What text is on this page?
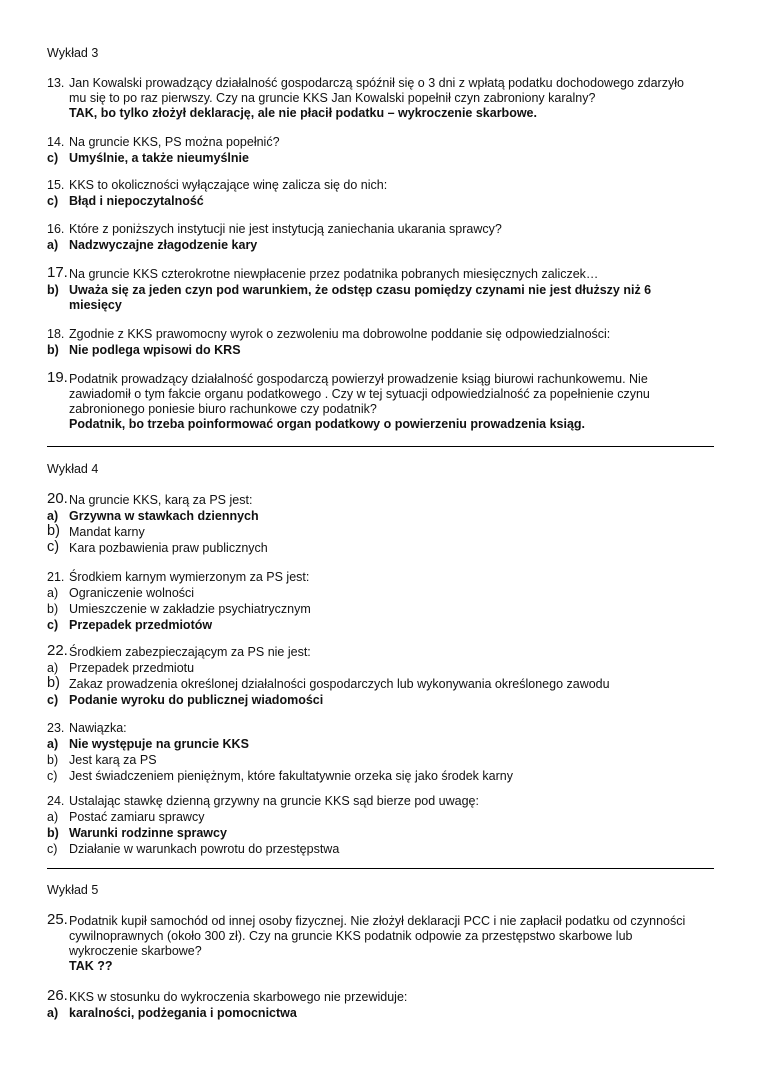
Wykład 3
13. Jan Kowalski prowadzący działalność gospodarczą spóźnił się o 3 dni z wpłatą podatku dochodowego zdarzyło
mu się to po raz pierwszy. Czy na gruncie KKS Jan Kowalski popełnił czyn zabroniony karalny?
TAK, bo tylko złożył deklarację, ale nie płacił podatku – wykroczenie skarbowe.
14. Na gruncie KKS, PS można popełnić?
c) Umyślnie, a także nieumyślnie
15. KKS to okoliczności wyłączające winę zalicza się do nich:
c) Błąd i niepoczytalność
16. Które z poniższych instytucji nie jest instytucją zaniechania ukarania sprawcy?
a) Nadzwyczajne złagodzenie kary
17. Na gruncie KKS czterokrotne niewpłacenie przez podatnika pobranych miesięcznych zaliczek…
b) Uważa się za jeden czyn pod warunkiem, że odstęp czasu pomiędzy czynami nie jest dłuższy niż 6
miesięcy
18. Zgodnie z KKS prawomocny wyrok o zezwoleniu ma dobrowolne poddanie się odpowiedzialności:
b) Nie podlega wpisowi do KRS
19. Podatnik prowadzący działalność gospodarczą powierzył prowadzenie ksiąg biurowi rachunkowemu. Nie
zawiadomił o tym fakcie organu podatkowego . Czy w tej sytuacji odpowiedzialność za popełnienie czynu
zabronionego poniesie biuro rachunkowe czy podatnik?
Podatnik, bo trzeba poinformować organ podatkowy o powierzeniu prowadzenia ksiąg.
Wykład 4
20. Na gruncie KKS, karą za PS jest:
a) Grzywna w stawkach dziennych
b) Mandat karny
c) Kara pozbawienia praw publicznych
21. Środkiem karnym wymierzonym za PS jest:
a) Ograniczenie wolności
b) Umieszczenie w zakładzie psychiatrycznym
c) Przepadek przedmiotów
22. Środkiem zabezpieczającym za PS nie jest:
a) Przepadek przedmiotu
b) Zakaz prowadzenia określonej działalności gospodarczych lub wykonywania określonego zawodu
c) Podanie wyroku do publicznej wiadomości
23. Nawiązka:
a) Nie występuje na gruncie KKS
b) Jest karą za PS
c) Jest świadczeniem pieniężnym, które fakultatywnie orzeka się jako środek karny
24. Ustalając stawkę dzienną grzywny na gruncie KKS sąd bierze pod uwagę:
a) Postać zamiaru sprawcy
b) Warunki rodzinne sprawcy
c) Działanie w warunkach powrotu do przestępstwa
Wykład 5
25. Podatnik kupił samochód od innej osoby fizycznej. Nie złożył deklaracji PCC i nie zapłacił podatku od czynności
cywilnoprawnych (około 300 zł). Czy na gruncie KKS podatnik odpowie za przestępstwo skarbowe lub
wykroczenie skarbowe?
TAK ??
26. KKS w stosunku do wykroczenia skarbowego nie przewiduje:
a) karalności, podżegania i pomocnictwa
